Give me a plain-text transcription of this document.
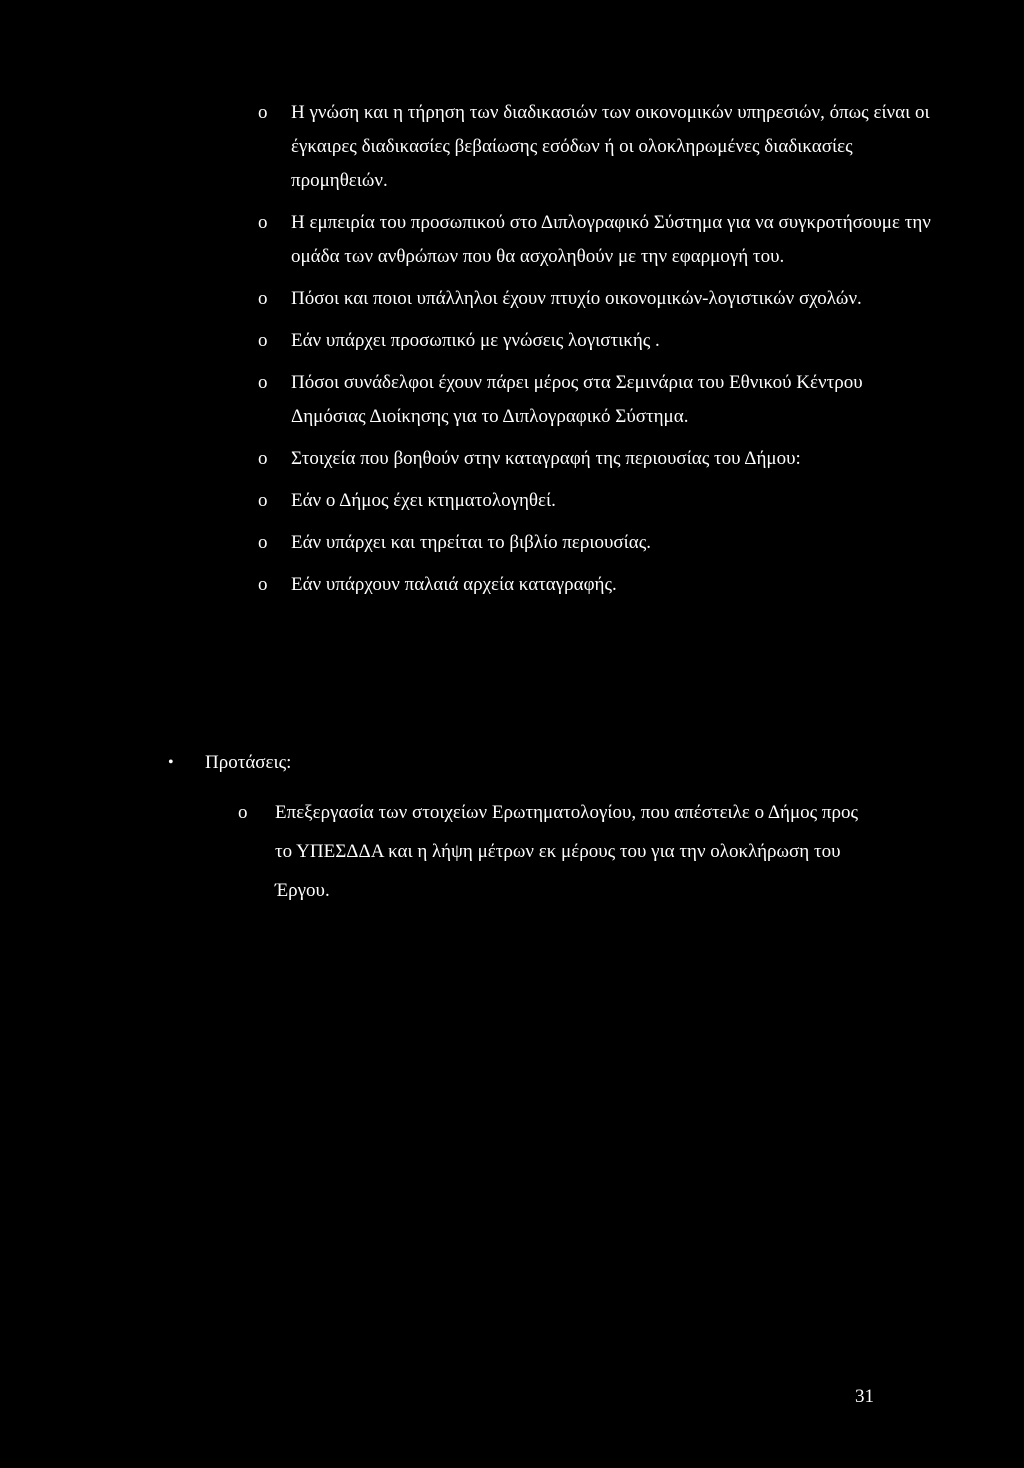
o Η γνώση και η τήρηση των διαδικασιών των οικονομικών υπηρεσιών, όπως είναι οι έγκαιρες διαδικασίες βεβαίωσης εσόδων ή οι ολοκληρωμένες διαδικασίες προμηθειών.
o Η εμπειρία του προσωπικού στο Διπλογραφικό Σύστημα για να συγκροτήσουμε την ομάδα των ανθρώπων που θα ασχοληθούν με την εφαρμογή του.
o Πόσοι και ποιοι υπάλληλοι έχουν πτυχίο οικονομικών-λογιστικών σχολών.
o Εάν υπάρχει προσωπικό με γνώσεις λογιστικής .
o Πόσοι συνάδελφοι έχουν πάρει μέρος στα Σεμινάρια του Εθνικού Κέντρου Δημόσιας Διοίκησης για το Διπλογραφικό Σύστημα.
o Στοιχεία που βοηθούν στην καταγραφή της περιουσίας του Δήμου:
o Εάν ο Δήμος έχει κτηματολογηθεί.
o Εάν υπάρχει και τηρείται το βιβλίο περιουσίας.
o Εάν υπάρχουν παλαιά αρχεία καταγραφής.
• Προτάσεις:
o Επεξεργασία των στοιχείων Ερωτηματολογίου, που απέστειλε ο Δήμος προς το ΥΠΕΣΔΔΑ και η λήψη μέτρων εκ μέρους του για την ολοκλήρωση του Έργου.
31
